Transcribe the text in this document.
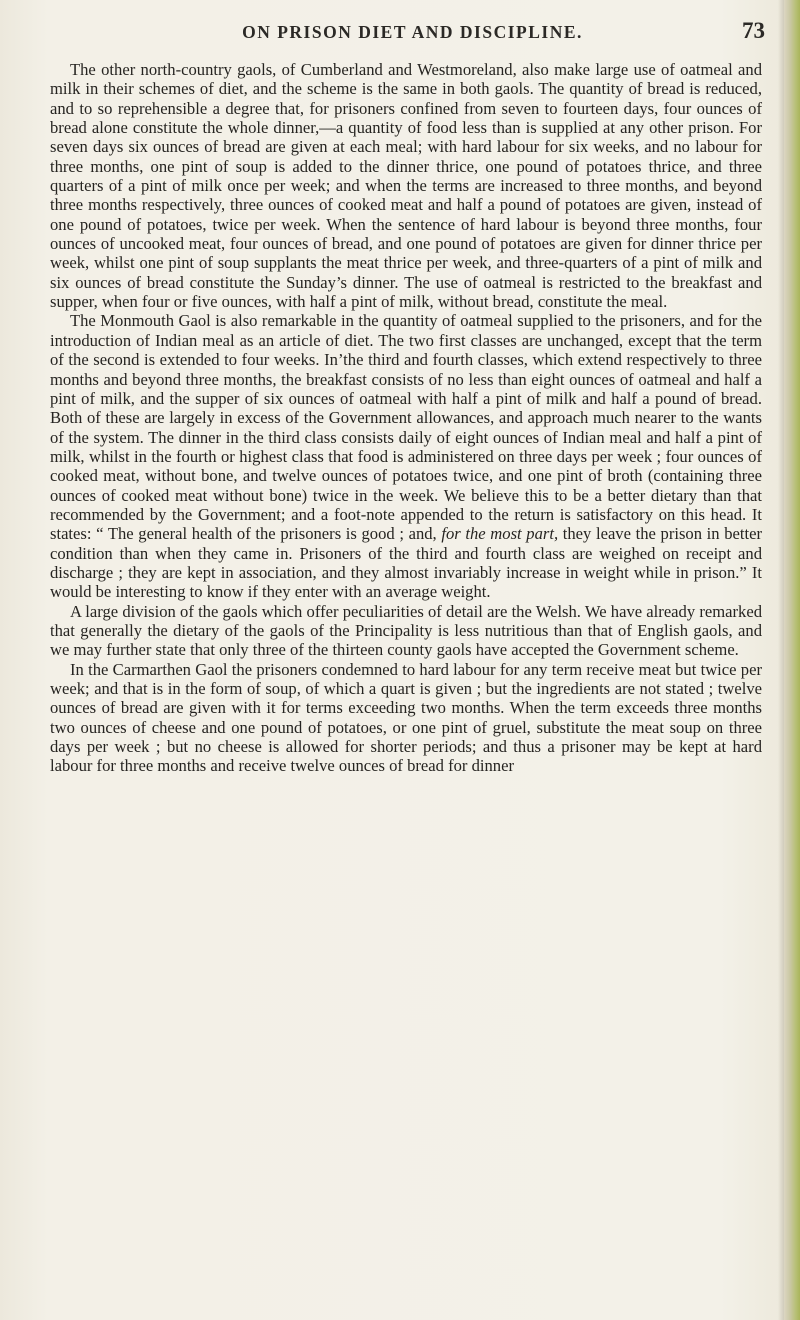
ON PRISON DIET AND DISCIPLINE.	73

The other north-country gaols, of Cumberland and Westmoreland, also make large use of oatmeal and milk in their schemes of diet, and the scheme is the same in both gaols. The quantity of bread is reduced, and to so reprehensible a degree that, for prisoners confined from seven to fourteen days, four ounces of bread alone constitute the whole dinner,—a quantity of food less than is supplied at any other prison. For seven days six ounces of bread are given at each meal; with hard labour for six weeks, and no labour for three months, one pint of soup is added to the dinner thrice, one pound of potatoes thrice, and three quarters of a pint of milk once per week; and when the terms are increased to three months, and beyond three months respectively, three ounces of cooked meat and half a pound of potatoes are given, instead of one pound of potatoes, twice per week. When the sentence of hard labour is beyond three months, four ounces of uncooked meat, four ounces of bread, and one pound of potatoes are given for dinner thrice per week, whilst one pint of soup supplants the meat thrice per week, and three-quarters of a pint of milk and six ounces of bread constitute the Sunday’s dinner. The use of oatmeal is restricted to the breakfast and supper, when four or five ounces, with half a pint of milk, without bread, constitute the meal.

The Monmouth Gaol is also remarkable in the quantity of oatmeal supplied to the prisoners, and for the introduction of Indian meal as an article of diet. The two first classes are unchanged, except that the term of the second is extended to four weeks. In’the third and fourth classes, which extend respectively to three months and beyond three months, the breakfast consists of no less than eight ounces of oatmeal and half a pint of milk, and the supper of six ounces of oatmeal with half a pint of milk and half a pound of bread. Both of these are largely in excess of the Government allowances, and approach much nearer to the wants of the system. The dinner in the third class consists daily of eight ounces of Indian meal and half a pint of milk, whilst in the fourth or highest class that food is administered on three days per week ; four ounces of cooked meat, without bone, and twelve ounces of potatoes twice, and one pint of broth (containing three ounces of cooked meat without bone) twice in the week. We believe this to be a better dietary than that recommended by the Government; and a foot-note appended to the return is satisfactory on this head. It states: “ The general health of the prisoners is good ; and, for the most part, they leave the prison in better condition than when they came in. Prisoners of the third and fourth class are weighed on receipt and discharge ; they are kept in association, and they almost invariably increase in weight while in prison.” It would be interesting to know if they enter with an average weight.

A large division of the gaols which offer peculiarities of detail are the Welsh. We have already remarked that generally the dietary of the gaols of the Principality is less nutritious than that of English gaols, and we may further state that only three of the thirteen county gaols have accepted the Government scheme.

In the Carmarthen Gaol the prisoners condemned to hard labour for any term receive meat but twice per week; and that is in the form of soup, of which a quart is given ; but the ingredients are not stated ; twelve ounces of bread are given with it for terms exceeding two months. When the term exceeds three months two ounces of cheese and one pound of potatoes, or one pint of gruel, substitute the meat soup on three days per week ; but no cheese is allowed for shorter periods; and thus a prisoner may be kept at hard labour for three months and receive twelve ounces of bread for dinner
